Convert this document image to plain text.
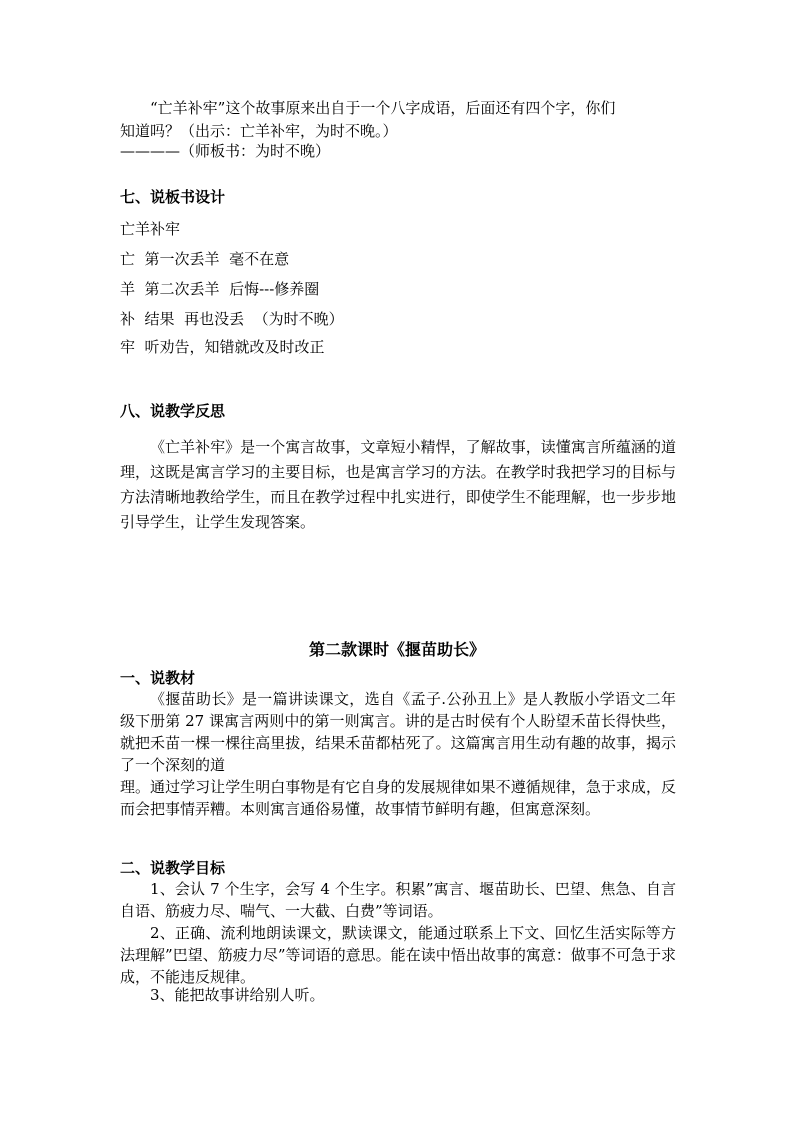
“亡羊补牢”这个故事原来出自于一个八字成语，后面还有四个字，你们
知道吗？（出示：亡羊补牢，为时不晚。）
————（师板书：为时不晚）
七、说板书设计
亡羊补牢
亡  第一次丢羊  毫不在意
羊  第二次丢羊  后悔---修养圈
补  结果  再也没丢  （为时不晚）
牢  听劝告，知错就改及时改正
八、说教学反思
《亡羊补牢》是一个寓言故事，文章短小精悍，了解故事，读懂寓言所蕴涵的道理，这既是寓言学习的主要目标，也是寓言学习的方法。在教学时我把学习的目标与方法清晰地教给学生，而且在教学过程中扎实进行，即使学生不能理解，也一步步地引导学生，让学生发现答案。
第二款课时《揠苗助长》
一、说教材
《揠苗助长》是一篇讲读课文，选自《孟子.公孙丑上》是人教版小学语文二年级下册第 27 课寓言两则中的第一则寓言。讲的是古时侯有个人盼望禾苗长得快些，就把禾苗一棵一棵往高里拔，结果禾苗都枯死了。这篇寓言用生动有趣的故事，揭示了一个深刻的道
理。通过学习让学生明白事物是有它自身的发展规律如果不遵循规律，急于求成，反而会把事情弄糟。本则寓言通俗易懂，故事情节鲜明有趣，但寓意深刻。
二、说教学目标
1、会认 7 个生字，会写 4 个生字。积累”寓言、堰苗助长、巴望、焦急、自言自语、筋疲力尽、喘气、一大截、白费”等词语。
2、正确、流利地朗读课文，默读课文，能通过联系上下文、回忆生活实际等方法理解”巴望、筋疲力尽”等词语的意思。能在读中悟出故事的寓意：做事不可急于求成，不能违反规律。
3、能把故事讲给别人听。
